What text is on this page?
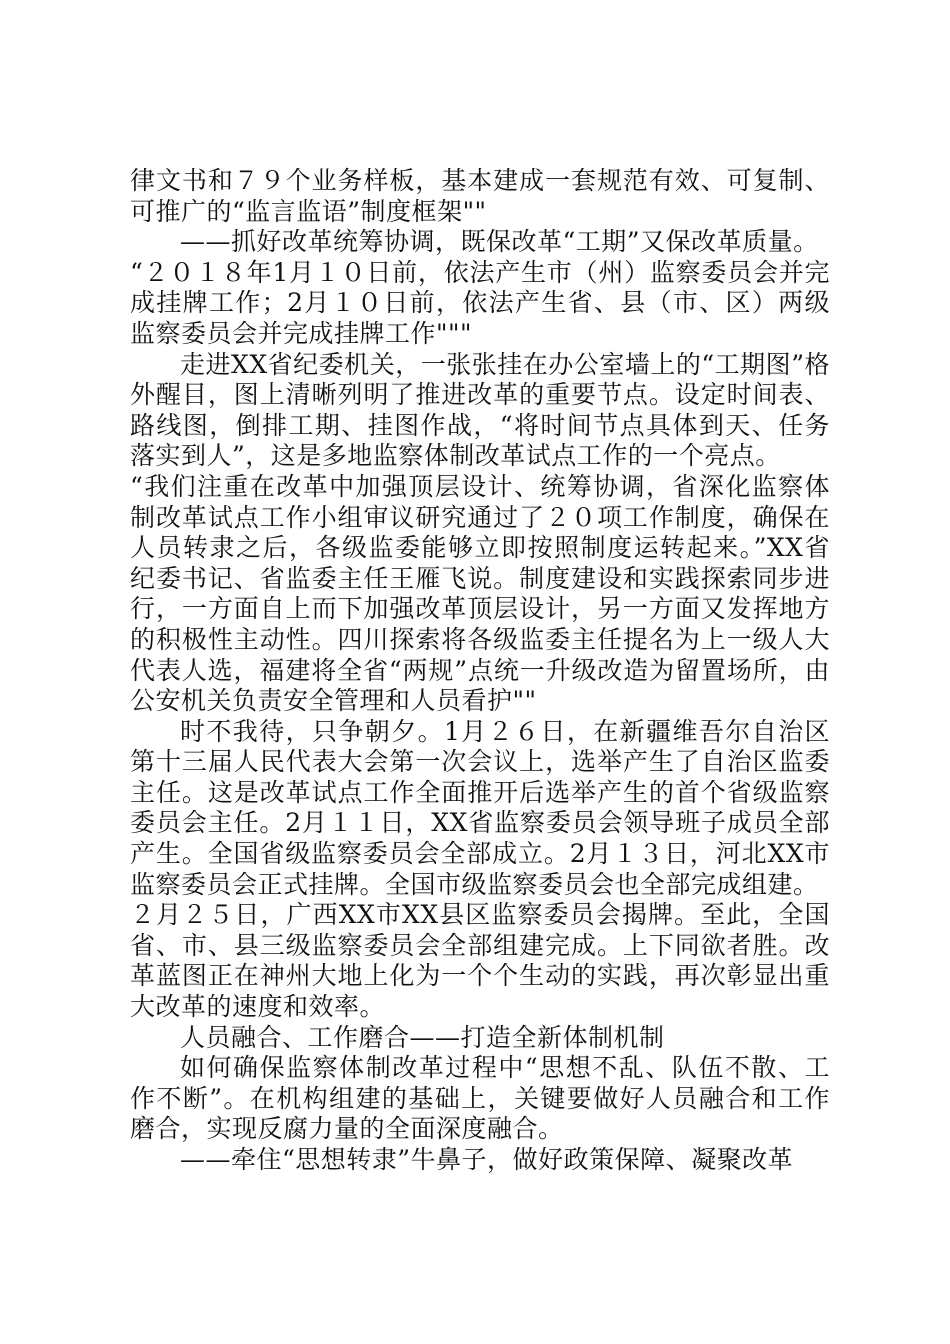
律文书和７９个业务样板，基本建成一套规范有效、可复制、可推广的“监言监语”制度框架""

——抓好改革统筹协调，既保改革“工期”又保改革质量。

“２０１８年1月１０日前，依法产生市（州）监察委员会并完成挂牌工作；2月１０日前，依法产生省、县（市、区）两级监察委员会并完成挂牌工作"""

走进XX省纪委机关，一张张挂在办公室墙上的“工期图”格外醒目，图上清晰列明了推进改革的重要节点。设定时间表、路线图，倒排工期、挂图作战，“将时间节点具体到天、任务落实到人”，这是多地监察体制改革试点工作的一个亮点。

“我们注重在改革中加强顶层设计、统筹协调，省深化监察体制改革试点工作小组审议研究通过了２０项工作制度，确保在人员转隶之后，各级监委能够立即按照制度运转起来。”XX省纪委书记、省监委主任王雁飞说。制度建设和实践探索同步进行，一方面自上而下加强改革顶层设计，另一方面又发挥地方的积极性主动性。四川探索将各级监委主任提名为上一级人大代表人选，福建将全省“两规”点统一升级改造为留置场所，由公安机关负责安全管理和人员看护""

时不我待，只争朝夕。1月２６日，在新疆维吾尔自治区第十三届人民代表大会第一次会议上，选举产生了自治区监委主任。这是改革试点工作全面推开后选举产生的首个省级监察委员会主任。2月１１日，XX省监察委员会领导班子成员全部产生。全国省级监察委员会全部成立。2月１３日，河北XX市监察委员会正式挂牌。全国市级监察委员会也全部完成组建。

２月２５日，广西XX市XX县区监察委员会揭牌。至此，全国省、市、县三级监察委员会全部组建完成。上下同欲者胜。改革蓝图正在神州大地上化为一个个生动的实践，再次彰显出重大改革的速度和效率。

人员融合、工作磨合——打造全新体制机制

如何确保监察体制改革过程中“思想不乱、队伍不散、工作不断”。在机构组建的基础上，关键要做好人员融合和工作磨合，实现反腐力量的全面深度融合。

——牵住“思想转隶”牛鼻子，做好政策保障、凝聚改革
